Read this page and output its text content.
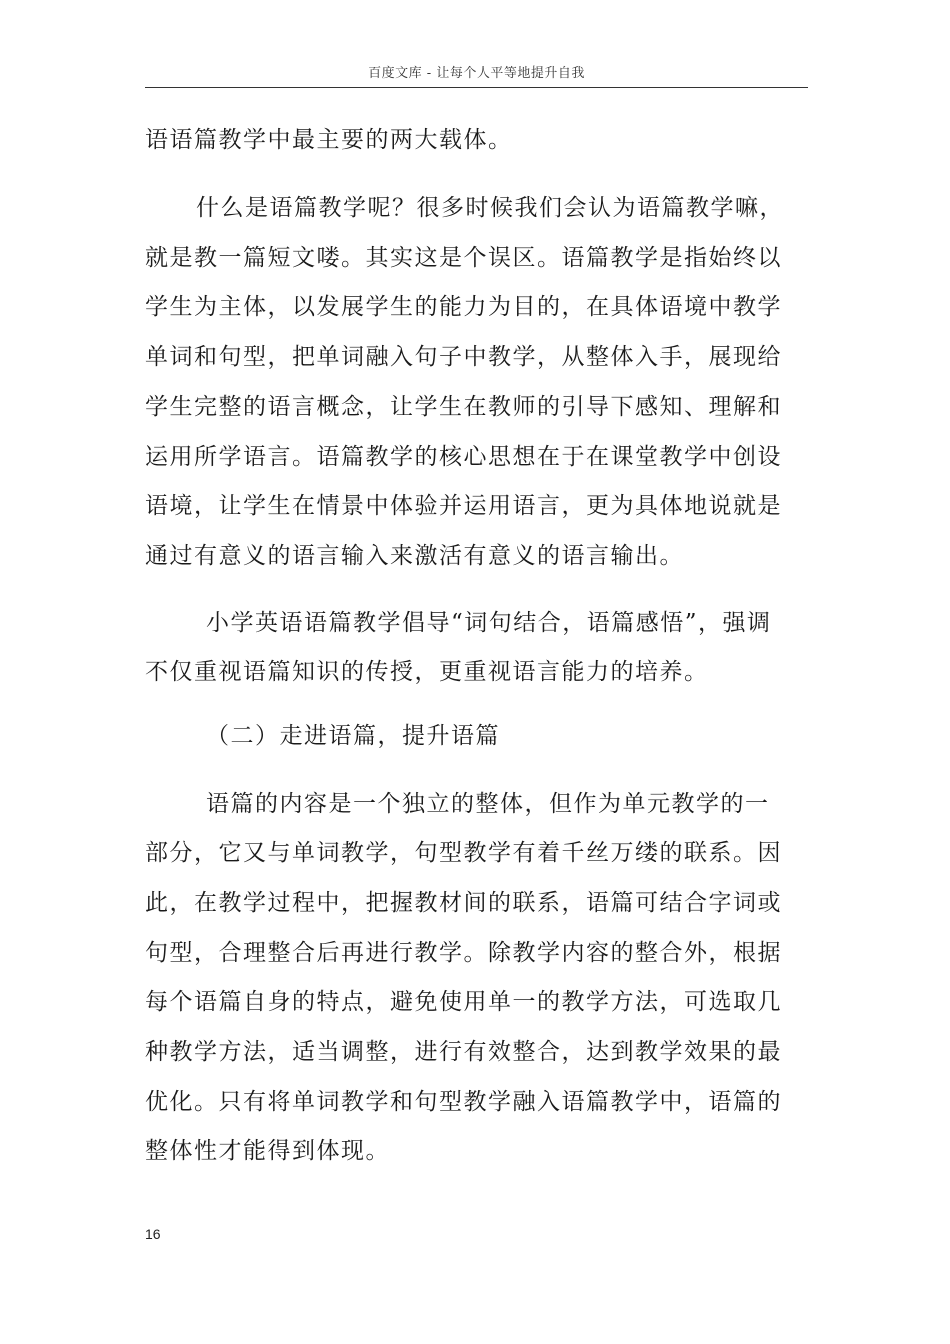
百度文库 - 让每个人平等地提升自我

语语篇教学中最主要的两大载体。

什么是语篇教学呢？很多时候我们会认为语篇教学嘛，

就是教一篇短文喽。其实这是个误区。语篇教学是指始终以

学生为主体，以发展学生的能力为目的，在具体语境中教学

单词和句型，把单词融入句子中教学，从整体入手，展现给

学生完整的语言概念，让学生在教师的引导下感知、理解和

运用所学语言。语篇教学的核心思想在于在课堂教学中创设

语境，让学生在情景中体验并运用语言，更为具体地说就是

通过有意义的语言输入来激活有意义的语言输出。

小学英语语篇教学倡导“词句结合，语篇感悟”，强调

不仅重视语篇知识的传授，更重视语言能力的培养。

（二）走进语篇，提升语篇

语篇的内容是一个独立的整体，但作为单元教学的一

部分，它又与单词教学，句型教学有着千丝万缕的联系。因

此，在教学过程中，把握教材间的联系，语篇可结合字词或

句型，合理整合后再进行教学。除教学内容的整合外，根据

每个语篇自身的特点，避免使用单一的教学方法，可选取几

种教学方法，适当调整，进行有效整合，达到教学效果的最

优化。只有将单词教学和句型教学融入语篇教学中，语篇的

整体性才能得到体现。

16
